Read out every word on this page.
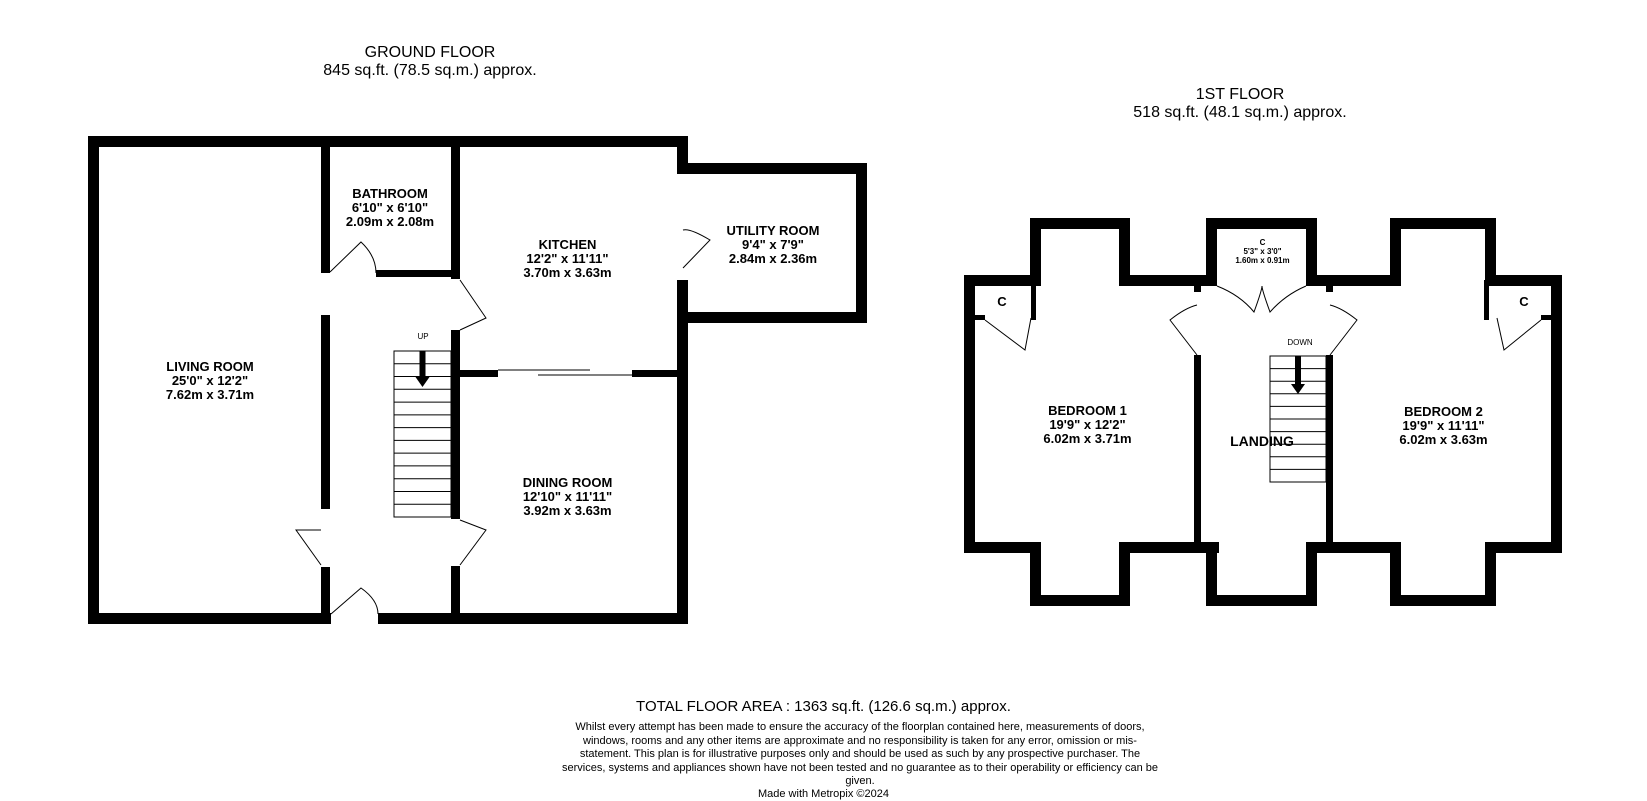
GROUND FLOOR
845 sq.ft. (78.5 sq.m.) approx.
1ST FLOOR
518 sq.ft. (48.1 sq.m.) approx.
LIVING ROOM
25'0" x 12'2"
7.62m x 3.71m
BATHROOM
6'10" x 6'10"
2.09m x 2.08m
KITCHEN
12'2" x 11'11"
3.70m x 3.63m
UTILITY ROOM
9'4" x 7'9"
2.84m x 2.36m
DINING ROOM
12'10" x 11'11"
3.92m x 3.63m
UP
BEDROOM 1
19'9" x 12'2"
6.02m x 3.71m
BEDROOM 2
19'9" x 11'11"
6.02m x 3.63m
LANDING
C
5'3" x 3'0"
1.60m x 0.91m
C	C
DOWN
TOTAL FLOOR AREA : 1363 sq.ft. (126.6 sq.m.) approx.
Whilst every attempt has been made to ensure the accuracy of the floorplan contained here, measurements of doors, windows, rooms and any other items are approximate and no responsibility is taken for any error, omission or mis-statement. This plan is for illustrative purposes only and should be used as such by any prospective purchaser. The services, systems and appliances shown have not been tested and no guarantee as to their operability or efficiency can be given.
Made with Metropix ©2024
